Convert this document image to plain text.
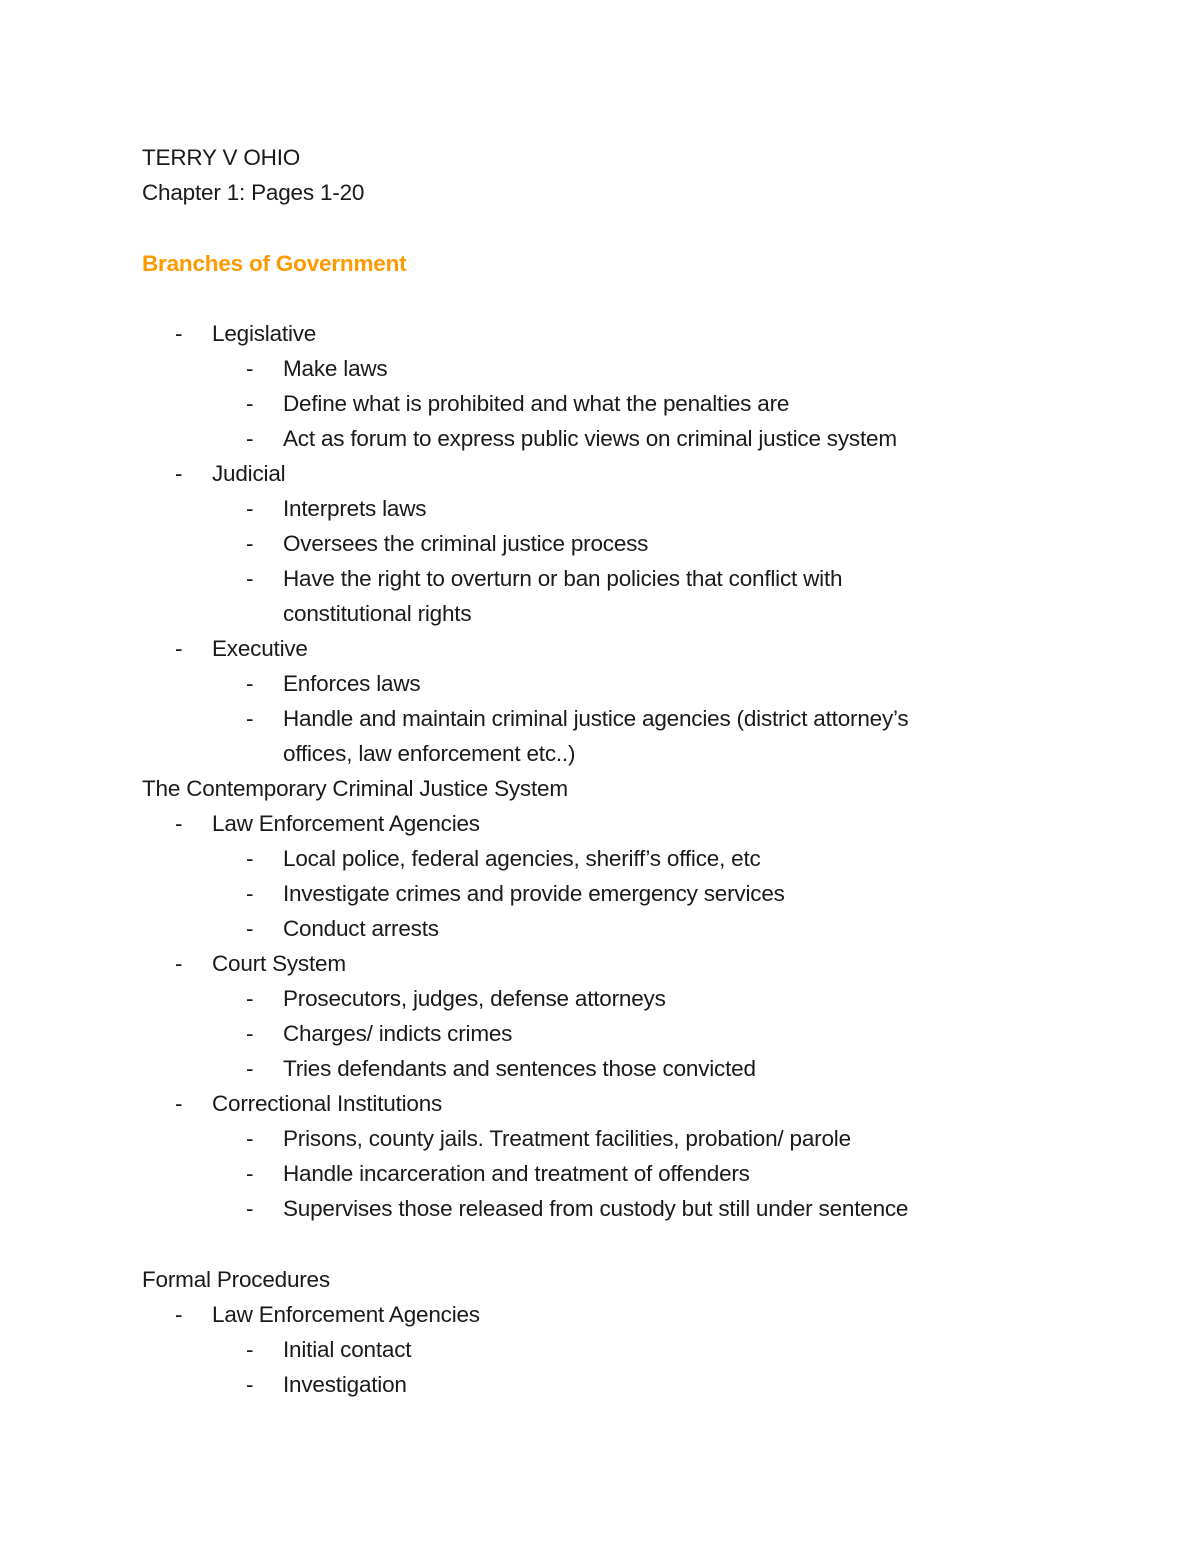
TERRY V OHIO
Chapter 1: Pages 1-20
Branches of Government
- Legislative
- Make laws
- Define what is prohibited and what the penalties are
- Act as forum to express public views on criminal justice system
- Judicial
- Interprets laws
- Oversees the criminal justice process
- Have the right to overturn or ban policies that conflict with
constitutional rights
- Executive
- Enforces laws
- Handle and maintain criminal justice agencies (district attorney’s
offices, law enforcement etc..)
The Contemporary Criminal Justice System
- Law Enforcement Agencies
- Local police, federal agencies, sheriff’s office, etc
- Investigate crimes and provide emergency services
- Conduct arrests
- Court System
- Prosecutors, judges, defense attorneys
- Charges/ indicts crimes
- Tries defendants and sentences those convicted
- Correctional Institutions
- Prisons, county jails. Treatment facilities, probation/ parole
- Handle incarceration and treatment of offenders
- Supervises those released from custody but still under sentence
Formal Procedures
- Law Enforcement Agencies
- Initial contact
- Investigation
